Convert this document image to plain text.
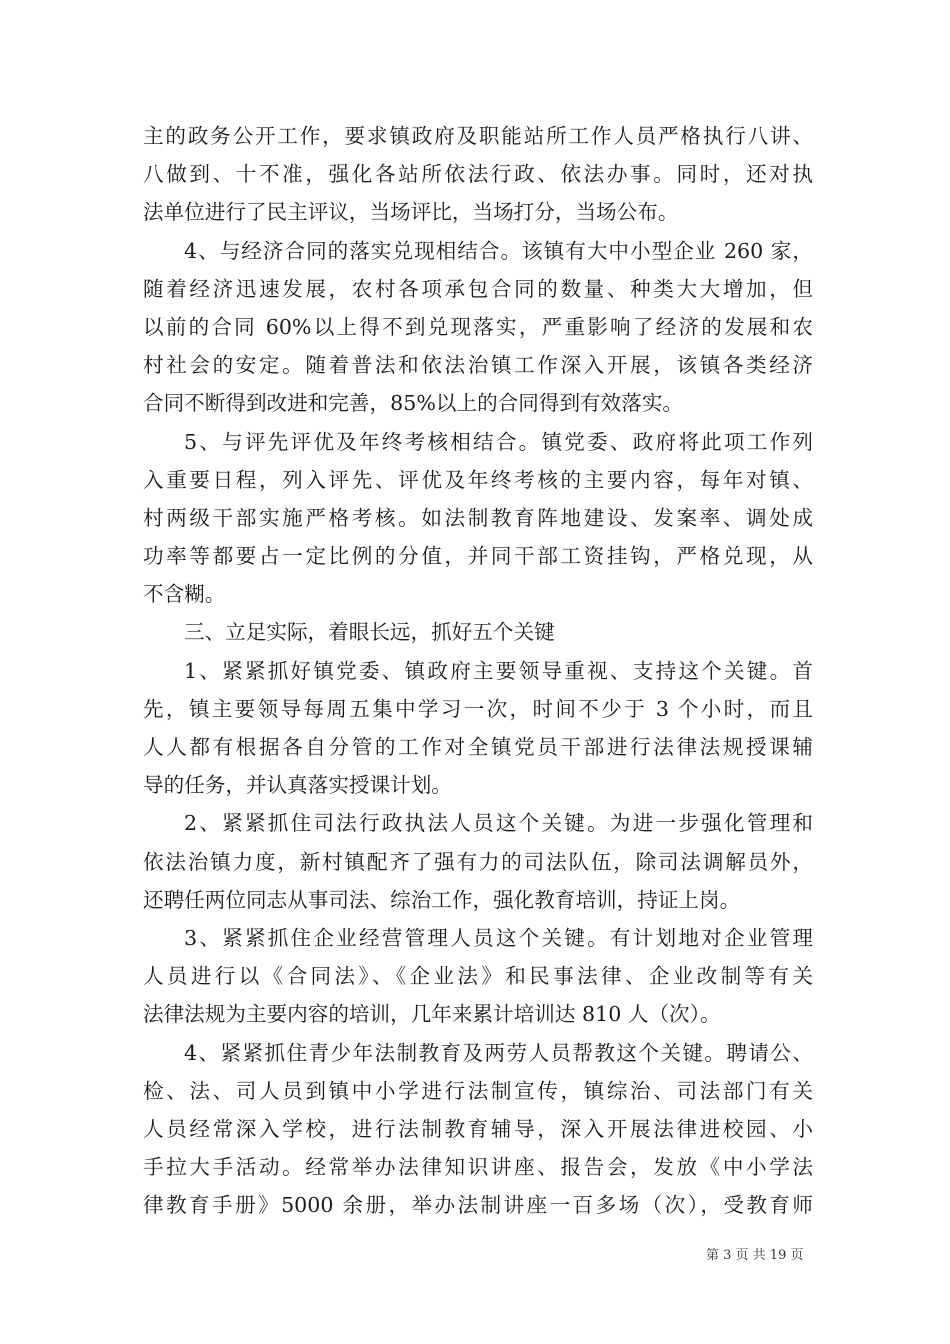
主的政务公开工作，要求镇政府及职能站所工作人员严格执行八讲、
八做到、十不准，强化各站所依法行政、依法办事。同时，还对执
法单位进行了民主评议，当场评比，当场打分，当场公布。
4、与经济合同的落实兑现相结合。该镇有大中小型企业 260 家，
随着经济迅速发展，农村各项承包合同的数量、种类大大增加，但
以前的合同 60%以上得不到兑现落实，严重影响了经济的发展和农
村社会的安定。随着普法和依法治镇工作深入开展，该镇各类经济
合同不断得到改进和完善，85%以上的合同得到有效落实。
5、与评先评优及年终考核相结合。镇党委、政府将此项工作列
入重要日程，列入评先、评优及年终考核的主要内容，每年对镇、
村两级干部实施严格考核。如法制教育阵地建设、发案率、调处成
功率等都要占一定比例的分值，并同干部工资挂钩，严格兑现，从
不含糊。
三、立足实际，着眼长远，抓好五个关键
1、紧紧抓好镇党委、镇政府主要领导重视、支持这个关键。首
先，镇主要领导每周五集中学习一次，时间不少于 3 个小时，而且
人人都有根据各自分管的工作对全镇党员干部进行法律法规授课辅
导的任务，并认真落实授课计划。
2、紧紧抓住司法行政执法人员这个关键。为进一步强化管理和
依法治镇力度，新村镇配齐了强有力的司法队伍，除司法调解员外，
还聘任两位同志从事司法、综治工作，强化教育培训，持证上岗。
3、紧紧抓住企业经营管理人员这个关键。有计划地对企业管理
人员进行以《合同法》、《企业法》和民事法律、企业改制等有关
法律法规为主要内容的培训，几年来累计培训达 810 人（次）。
4、紧紧抓住青少年法制教育及两劳人员帮教这个关键。聘请公、
检、法、司人员到镇中小学进行法制宣传，镇综治、司法部门有关
人员经常深入学校，进行法制教育辅导，深入开展法律进校园、小
手拉大手活动。经常举办法律知识讲座、报告会，发放《中小学法
律教育手册》5000 余册，举办法制讲座一百多场（次），受教育师
第 3 页 共 19 页
